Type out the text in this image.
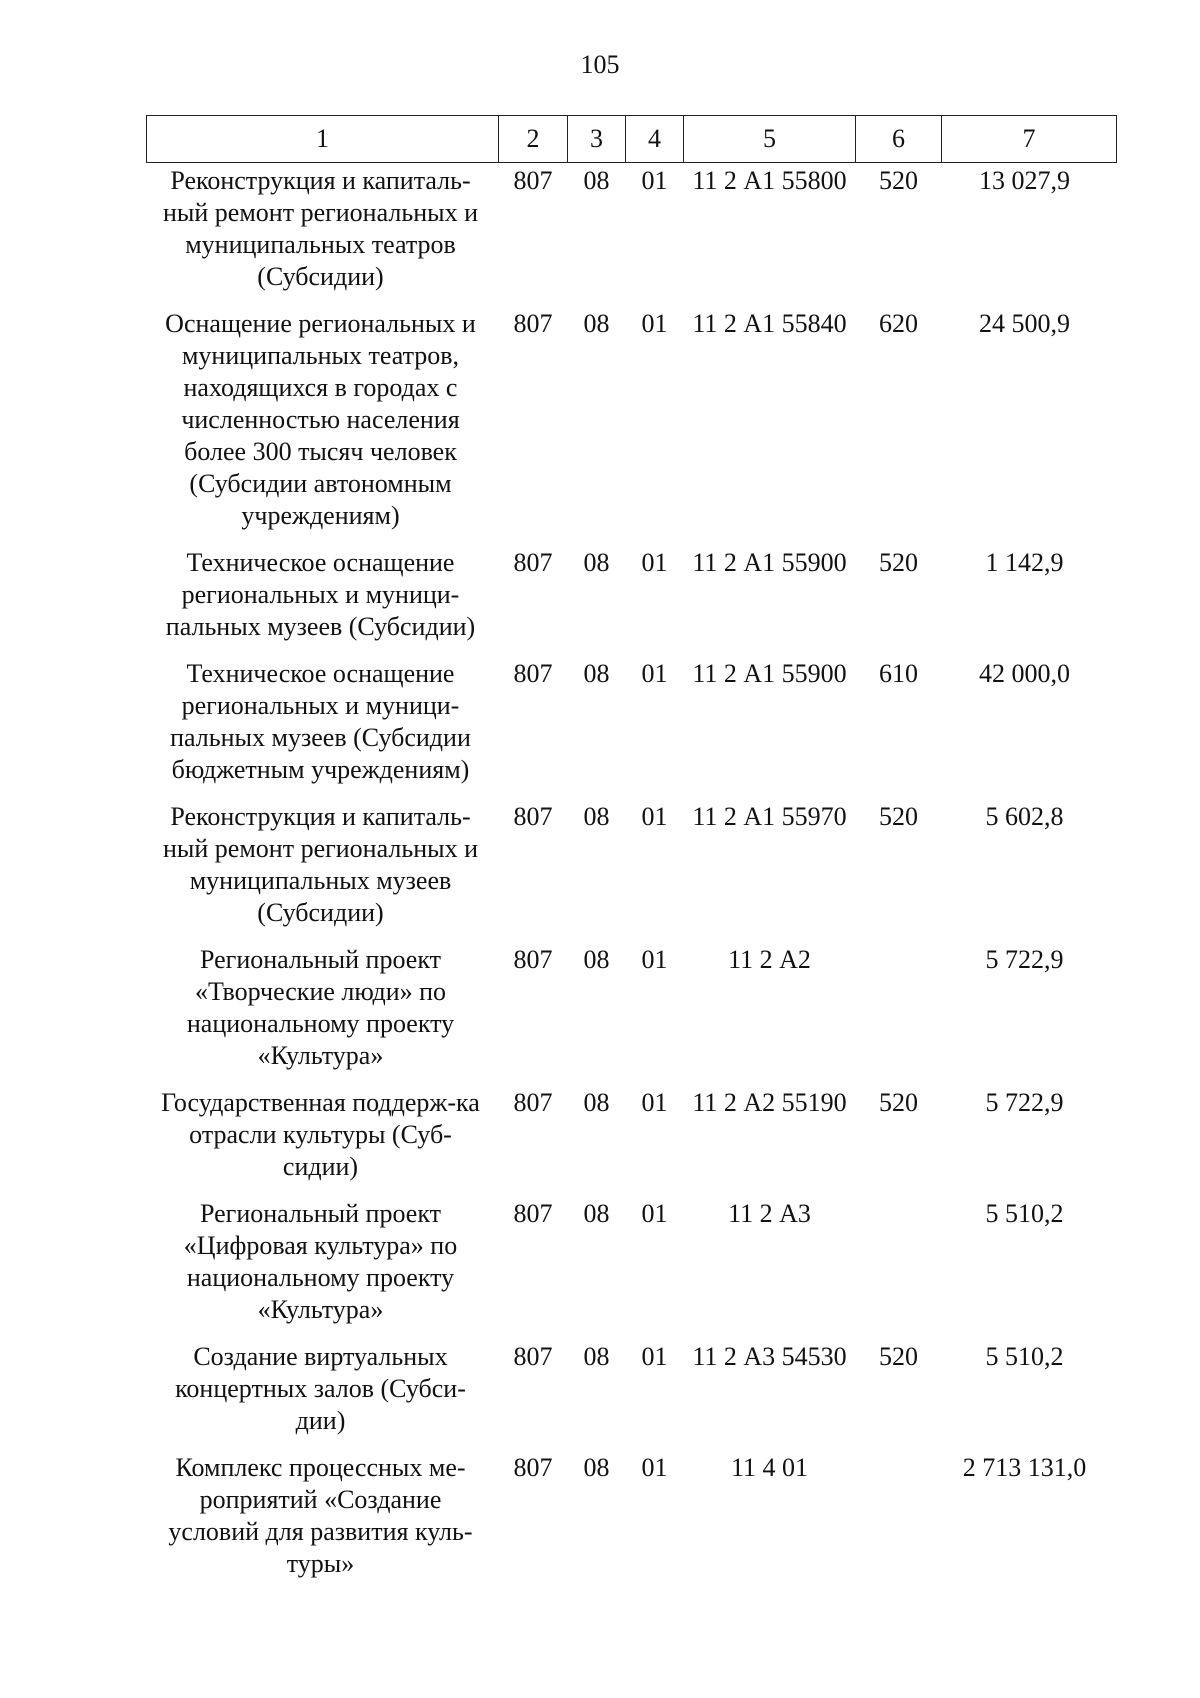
105
1	2	3	4	5	6	7
Реконструкция и капиталь-ный ремонт региональных и муниципальных театров (Субсидии)	807	08	01	11 2 А1 55800	520	13 027,9
Оснащение региональных и муниципальных театров, находящихся в городах с численностью населения более 300 тысяч человек (Субсидии автономным учреждениям)	807	08	01	11 2 А1 55840	620	24 500,9
Техническое оснащение региональных и муници-пальных музеев (Субсидии)	807	08	01	11 2 А1 55900	520	1 142,9
Техническое оснащение региональных и муници-пальных музеев (Субсидии бюджетным учреждениям)	807	08	01	11 2 А1 55900	610	42 000,0
Реконструкция и капиталь-ный ремонт региональных и муниципальных музеев (Субсидии)	807	08	01	11 2 А1 55970	520	5 602,8
Региональный проект «Творческие люди» по национальному проекту «Культура»	807	08	01	11 2 А2		5 722,9
Государственная поддерж-ка отрасли культуры (Суб-сидии)	807	08	01	11 2 А2 55190	520	5 722,9
Региональный проект «Цифровая культура» по национальному проекту «Культура»	807	08	01	11 2 А3		5 510,2
Создание виртуальных концертных залов (Субси-дии)	807	08	01	11 2 А3 54530	520	5 510,2
Комплекс процессных ме-роприятий «Создание условий для развития куль-туры»	807	08	01	11 4 01		2 713 131,0
